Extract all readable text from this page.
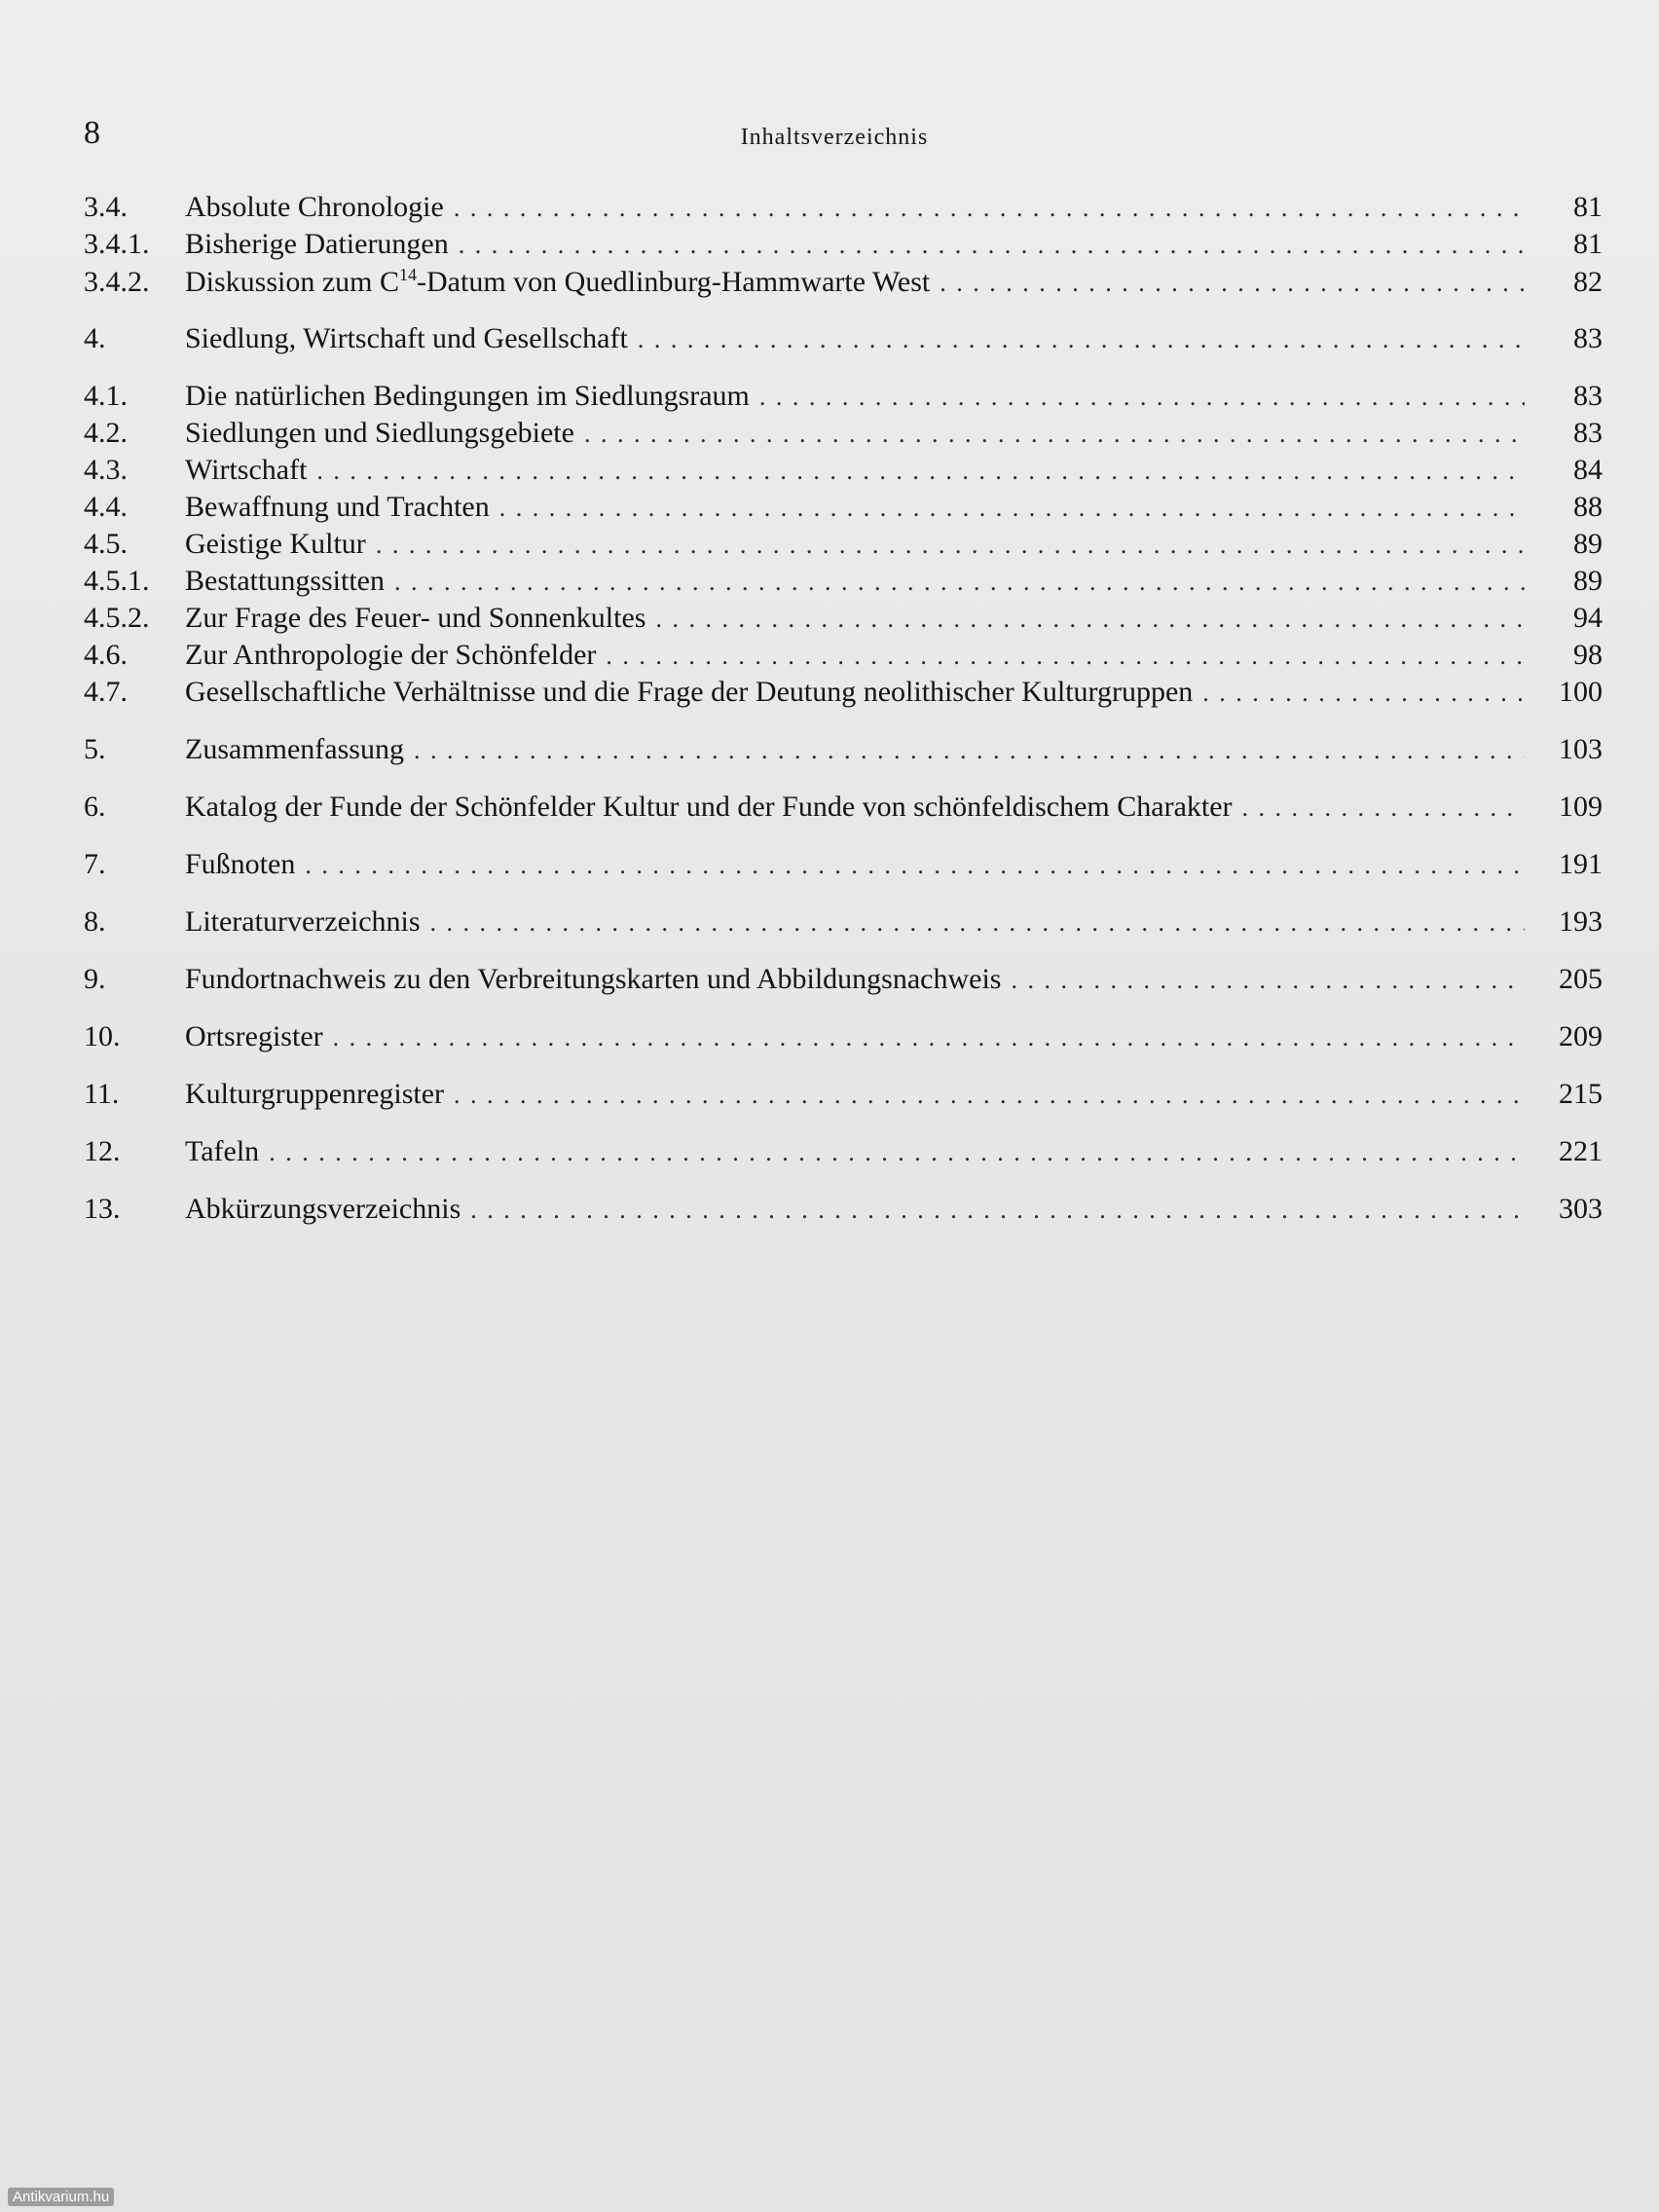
8	Inhaltsverzeichnis
3.4.	Absolute Chronologie . . .	81
3.4.1.	Bisherige Datierungen . . .	81
3.4.2.	Diskussion zum $C^{14}$-Datum von Quedlinburg-Hammwarte West . . .	82
4.	Siedlung, Wirtschaft und Gesellschaft . . .	83
4.1.	Die natürlichen Bedingungen im Siedlungsraum . . .	83
4.2.	Siedlungen und Siedlungsgebiete . . .	83
4.3.	Wirtschaft . . .	84
4.4.	Bewaffnung und Trachten . . .	88
4.5.	Geistige Kultur . . .	89
4.5.1.	Bestattungssitten . . .	89
4.5.2.	Zur Frage des Feuer- und Sonnenkultes . . .	94
4.6.	Zur Anthropologie der Schönfelder . . .	98
4.7.	Gesellschaftliche Verhältnisse und die Frage der Deutung neolithischer Kulturgruppen . . .	100
5.	Zusammenfassung . . .	103
6.	Katalog der Funde der Schönfelder Kultur und der Funde von schönfeldischem Charakter . . .	109
7.	Fußnoten . . .	191
8.	Literaturverzeichnis . . .	193
9.	Fundortnachweis zu den Verbreitungskarten und Abbildungsnachweis . . .	205
10.	Ortsregister . . .	209
11.	Kulturgruppenregister . . .	215
12.	Tafeln . . .	221
13.	Abkürzungsverzeichnis . . .	303
Antikvarium.hu
